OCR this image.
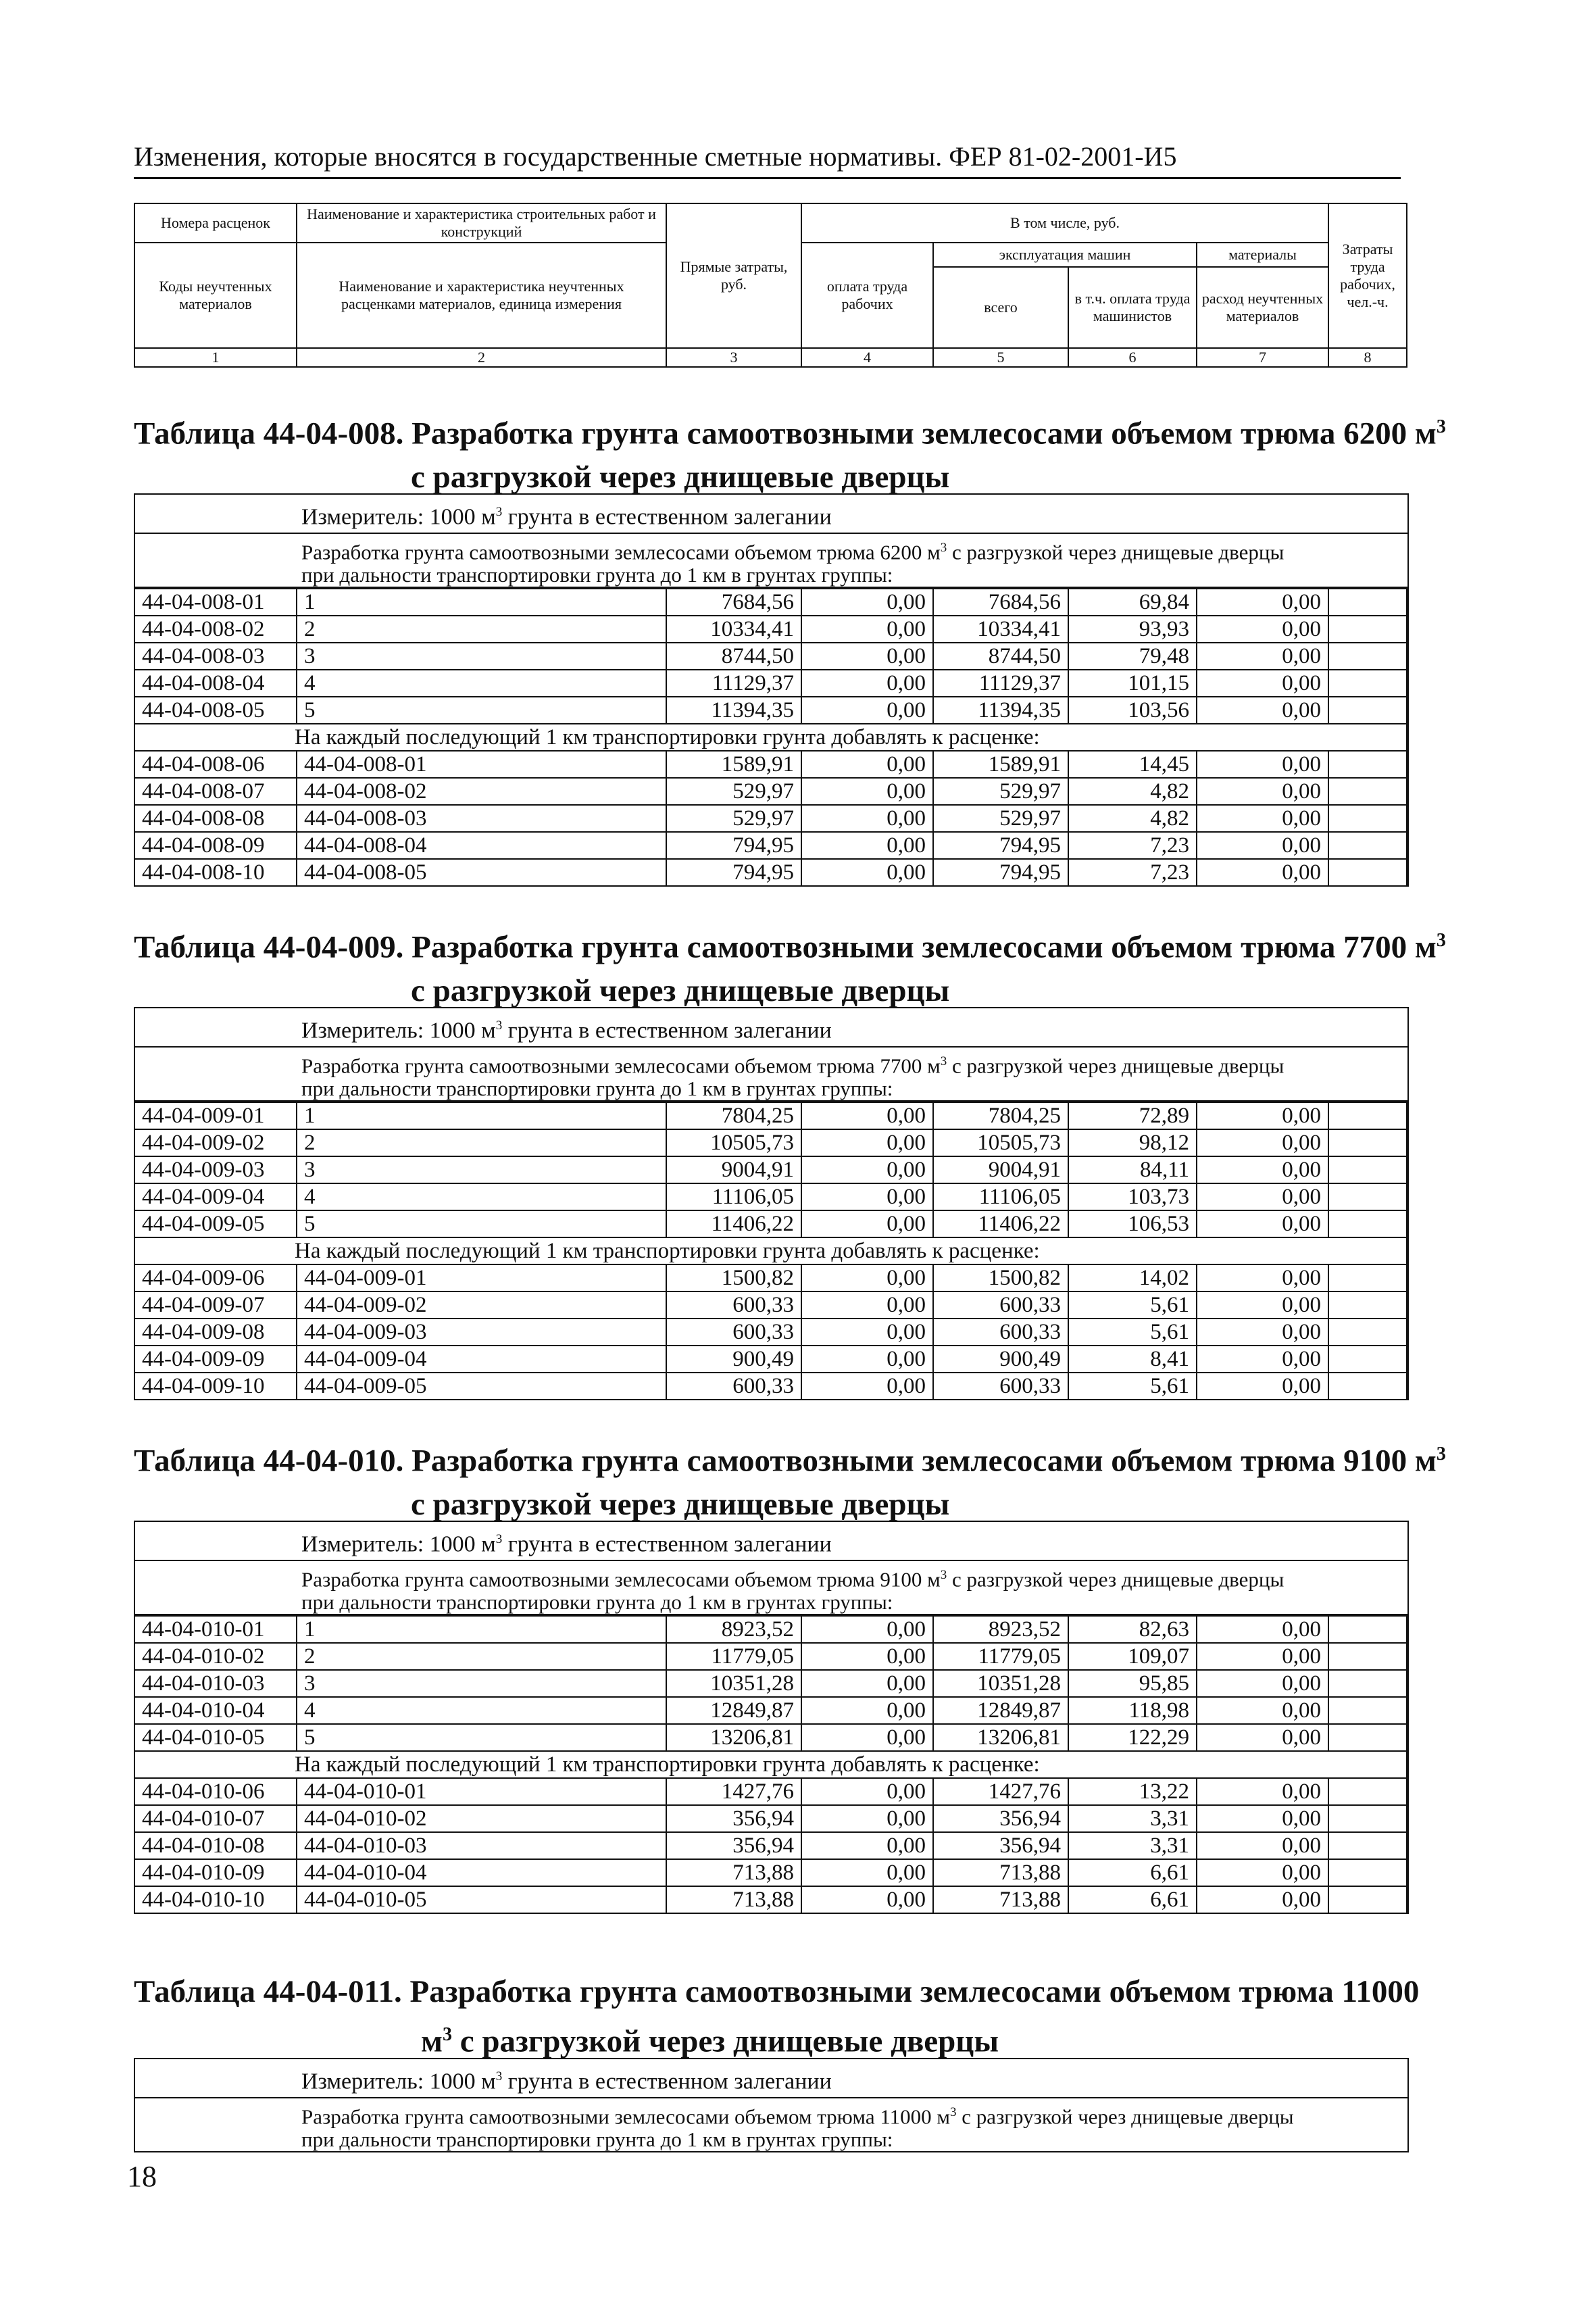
Изменения, которые вносятся в государственные сметные нормативы. ФЕР 81-02-2001-И5
Номера расценок	Наименование и характеристика строительных работ и конструкций	Прямые затраты, руб.	В том числе, руб.				Затраты труда рабочих, чел.-ч.
Коды неучтенных материалов	Наименование и характеристика неучтенных расценками материалов, единица измерения		оплата труда рабочих	эксплуатация машин		материалы	
				всего	в т.ч. оплата труда машинистов	расход неучтенных материалов	
1	2	3	4	5	6	7	8
Таблица 44-04-008. Разработка грунта самоотвозными землесосами объемом трюма 6200 $м^3$
с разгрузкой через днищевые дверцы
Измеритель: 1000 $м^3$ грунта в естественном залегании
Разработка грунта самоотвозными землесосами объемом трюма 6200 $м^3$ с разгрузкой через днищевые дверцы
при дальности транспортировки грунта до 1 км в грунтах группы:
44-04-008-01	1	7684,56	0,00	7684,56	69,84	0,00	
44-04-008-02	2	10334,41	0,00	10334,41	93,93	0,00	
44-04-008-03	3	8744,50	0,00	8744,50	79,48	0,00	
44-04-008-04	4	11129,37	0,00	11129,37	101,15	0,00	
44-04-008-05	5	11394,35	0,00	11394,35	103,56	0,00	
На каждый последующий 1 км транспортировки грунта добавлять к расценке:							
44-04-008-06	44-04-008-01	1589,91	0,00	1589,91	14,45	0,00	
44-04-008-07	44-04-008-02	529,97	0,00	529,97	4,82	0,00	
44-04-008-08	44-04-008-03	529,97	0,00	529,97	4,82	0,00	
44-04-008-09	44-04-008-04	794,95	0,00	794,95	7,23	0,00	
44-04-008-10	44-04-008-05	794,95	0,00	794,95	7,23	0,00	
Таблица 44-04-009. Разработка грунта самоотвозными землесосами объемом трюма 7700 $м^3$
с разгрузкой через днищевые дверцы
Измеритель: 1000 $м^3$ грунта в естественном залегании
Разработка грунта самоотвозными землесосами объемом трюма 7700 $м^3$ с разгрузкой через днищевые дверцы
при дальности транспортировки грунта до 1 км в грунтах группы:
44-04-009-01	1	7804,25	0,00	7804,25	72,89	0,00	
44-04-009-02	2	10505,73	0,00	10505,73	98,12	0,00	
44-04-009-03	3	9004,91	0,00	9004,91	84,11	0,00	
44-04-009-04	4	11106,05	0,00	11106,05	103,73	0,00	
44-04-009-05	5	11406,22	0,00	11406,22	106,53	0,00	
На каждый последующий 1 км транспортировки грунта добавлять к расценке:							
44-04-009-06	44-04-009-01	1500,82	0,00	1500,82	14,02	0,00	
44-04-009-07	44-04-009-02	600,33	0,00	600,33	5,61	0,00	
44-04-009-08	44-04-009-03	600,33	0,00	600,33	5,61	0,00	
44-04-009-09	44-04-009-04	900,49	0,00	900,49	8,41	0,00	
44-04-009-10	44-04-009-05	600,33	0,00	600,33	5,61	0,00	
Таблица 44-04-010. Разработка грунта самоотвозными землесосами объемом трюма 9100 $м^3$
с разгрузкой через днищевые дверцы
Измеритель: 1000 $м^3$ грунта в естественном залегании
Разработка грунта самоотвозными землесосами объемом трюма 9100 $м^3$ с разгрузкой через днищевые дверцы
при дальности транспортировки грунта до 1 км в грунтах группы:
44-04-010-01	1	8923,52	0,00	8923,52	82,63	0,00	
44-04-010-02	2	11779,05	0,00	11779,05	109,07	0,00	
44-04-010-03	3	10351,28	0,00	10351,28	95,85	0,00	
44-04-010-04	4	12849,87	0,00	12849,87	118,98	0,00	
44-04-010-05	5	13206,81	0,00	13206,81	122,29	0,00	
На каждый последующий 1 км транспортировки грунта добавлять к расценке:							
44-04-010-06	44-04-010-01	1427,76	0,00	1427,76	13,22	0,00	
44-04-010-07	44-04-010-02	356,94	0,00	356,94	3,31	0,00	
44-04-010-08	44-04-010-03	356,94	0,00	356,94	3,31	0,00	
44-04-010-09	44-04-010-04	713,88	0,00	713,88	6,61	0,00	
44-04-010-10	44-04-010-05	713,88	0,00	713,88	6,61	0,00	
Таблица 44-04-011. Разработка грунта самоотвозными землесосами объемом трюма 11000
$м^3$ с разгрузкой через днищевые дверцы
Измеритель: 1000 $м^3$ грунта в естественном залегании
Разработка грунта самоотвозными землесосами объемом трюма 11000 $м^3$ с разгрузкой через днищевые дверцы
при дальности транспортировки грунта до 1 км в грунтах группы:
18
